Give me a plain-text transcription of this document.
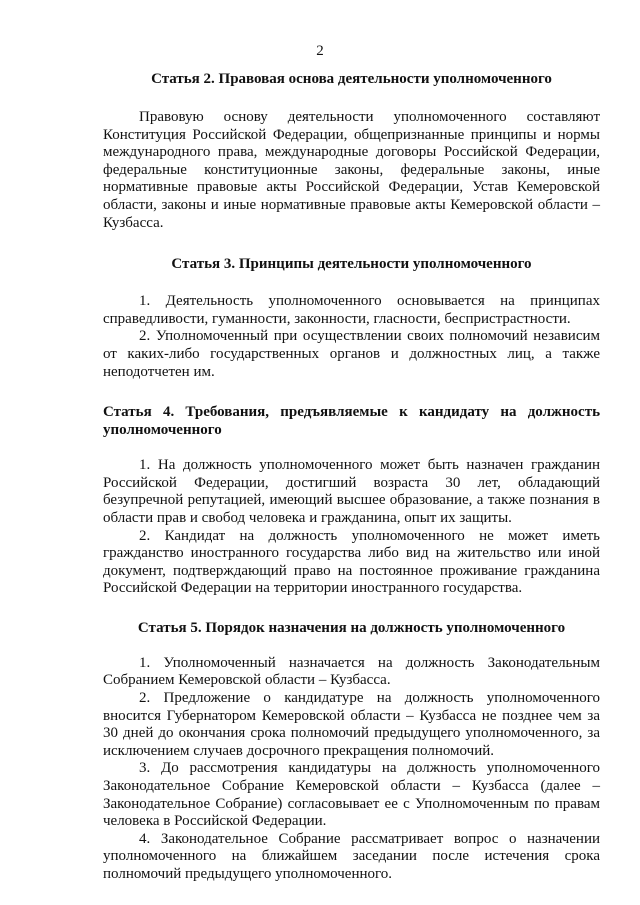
2
Статья 2. Правовая основа деятельности уполномоченного

Правовую основу деятельности уполномоченного составляют Конституция Российской Федерации, общепризнанные принципы и нормы международного права, международные договоры Российской Федерации, федеральные конституционные законы, федеральные законы, иные нормативные правовые акты Российской Федерации, Устав Кемеровской области, законы и иные нормативные правовые акты Кемеровской области – Кузбасса.

Статья 3. Принципы деятельности уполномоченного

1. Деятельность уполномоченного основывается на принципах справедливости, гуманности, законности, гласности, беспристрастности.

2. Уполномоченный при осуществлении своих полномочий независим от каких-либо государственных органов и должностных лиц, а также неподотчетен им.

Статья 4. Требования, предъявляемые к кандидату на должность уполномоченного

1. На должность уполномоченного может быть назначен гражданин Российской Федерации, достигший возраста 30 лет, обладающий безупречной репутацией, имеющий высшее образование, а также познания в области прав и свобод человека и гражданина, опыт их защиты.

2. Кандидат на должность уполномоченного не может иметь гражданство иностранного государства либо вид на жительство или иной документ, подтверждающий право на постоянное проживание гражданина Российской Федерации на территории иностранного государства.

Статья 5. Порядок назначения на должность уполномоченного

1. Уполномоченный назначается на должность Законодательным Собранием Кемеровской области – Кузбасса.

2. Предложение о кандидатуре на должность уполномоченного вносится Губернатором Кемеровской области – Кузбасса не позднее чем за 30 дней до окончания срока полномочий предыдущего уполномоченного, за исключением случаев досрочного прекращения полномочий.

3. До рассмотрения кандидатуры на должность уполномоченного Законодательное Собрание Кемеровской области – Кузбасса (далее – Законодательное Собрание) согласовывает ее с Уполномоченным по правам человека в Российской Федерации.

4. Законодательное Собрание рассматривает вопрос о назначении уполномоченного на ближайшем заседании после истечения срока полномочий предыдущего уполномоченного.
